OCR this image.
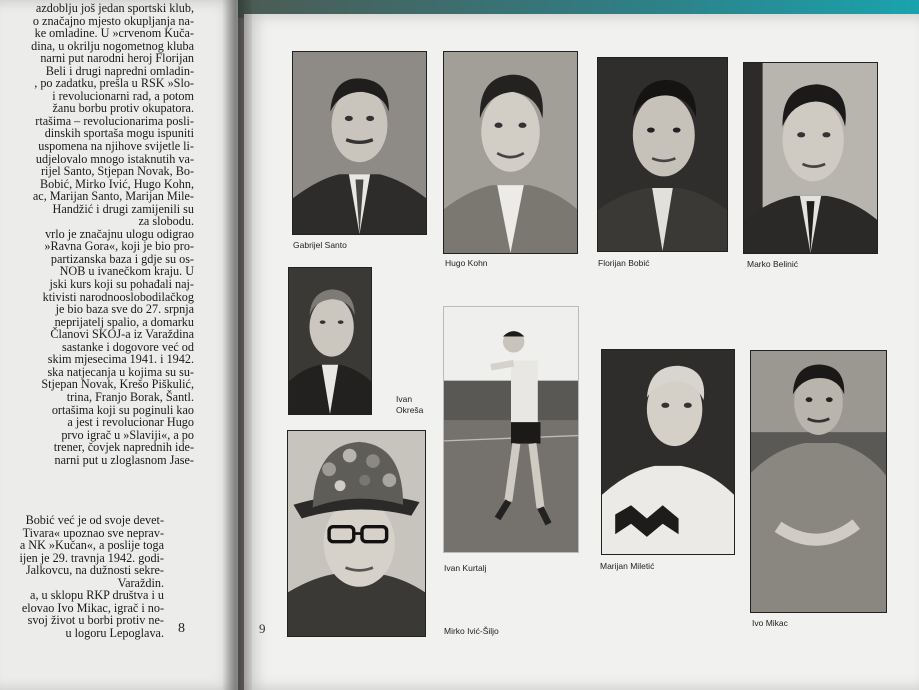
azdoblju još jedan sportski klub,
o značajno mjesto okupljanja na-
ke omladine. U »crvenom Kuča-
dina, u okrilju nogometnog kluba
narni put narodni heroj Florijan
Beli i drugi napredni omladin-
, po zadatku, prešla u RSK »Slo-
i revolucionarni rad, a potom
žanu borbu protiv okupatora.
rtašima – revolucionarima posli-
dinskih sportaša mogu ispuniti
uspomena na njihove svijetle li-
udjelovalo mnogo istaknutih va-
rijel Santo, Stjepan Novak, Bo-
Bobić, Mirko Ivić, Hugo Kohn,
ac, Marijan Santo, Marijan Mile-
Handžić i drugi zamijenili su
za slobodu.
vrlo je značajnu ulogu odigrao
»Ravna Gora«, koji je bio pro-
partizanska baza i gdje su os-
NOB u ivanečkom kraju. U
jski kurs koji su pohađali naj-
ktivisti narodnooslobodilačkog
je bio baza sve do 27. srpnja
neprijatelj spalio, a domarku
Članovi SKOJ-a iz Varaždina
sastanke i dogovore već od
skim mjesecima 1941. i 1942.
ska natjecanja u kojima su su-
Stjepan Novak, Krešo Piškulić,
trina, Franjo Borak, Šantl.
ortašima koji su poginuli kao
a jest i revolucionar Hugo
prvo igrač u »Slaviji«, a po
trener, čovjek naprednih ide-
narni put u zloglasnom Jase-
Bobić već je od svoje devet-
Tivara« upoznao sve neprav-
a NK »Kučan«, a poslije toga
ijen je 29. travnja 1942. godi-
Jalkovcu, na dužnosti sekre-
Varaždin.
a, u sklopu RKP društva i u
elovao Ivo Mikac, igrač i no-
svoj život u borbi protiv ne-
u logoru Lepoglava. 8
Gabrijel Santo
Hugo Kohn	Florijan Bobić	Marko Belinić
Ivan
Okreša
Ivan Kurtalj	Marijan Miletić
Ivo Mikac
Mirko Ivić-Šiljo
9
